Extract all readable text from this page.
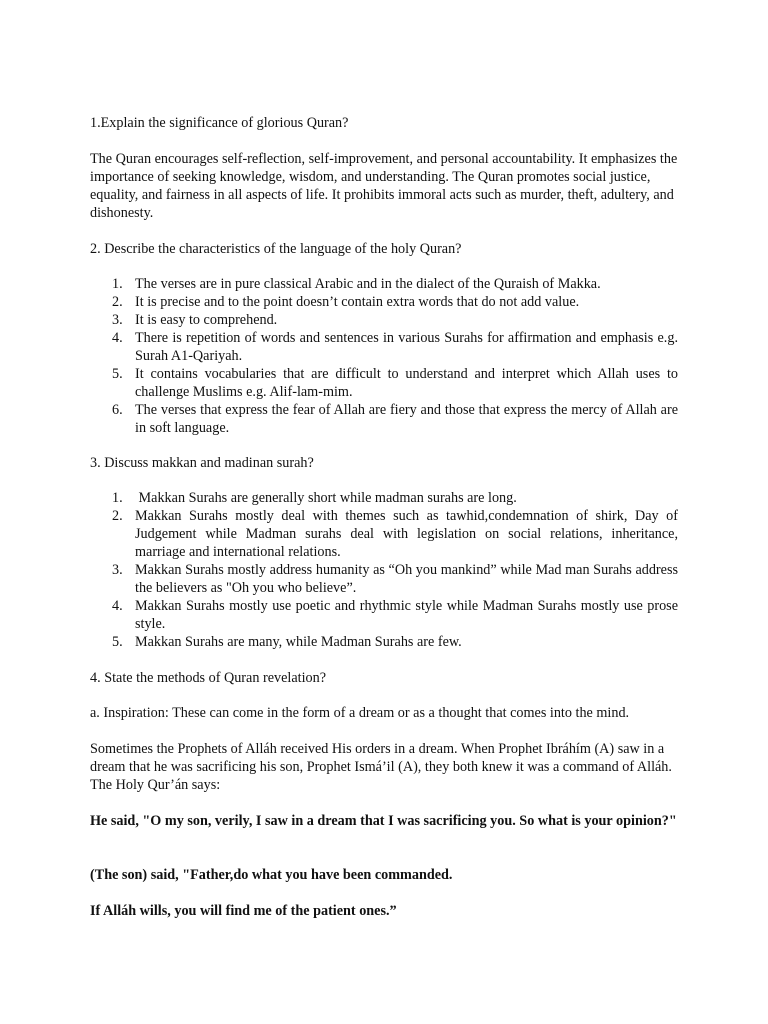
1.Explain the significance of glorious Quran?

The Quran encourages self-reflection, self-improvement, and personal accountability. It emphasizes the importance of seeking knowledge, wisdom, and understanding. The Quran promotes social justice, equality, and fairness in all aspects of life. It prohibits immoral acts such as murder, theft, adultery, and dishonesty.

2. Describe the characteristics of the language of the holy Quran?

1. The verses are in pure classical Arabic and in the dialect of the Quraish of Makka.
2. It is precise and to the point doesn’t contain extra words that do not add value.
3. It is easy to comprehend.
4. There is repetition of words and sentences in various Surahs for affirmation and emphasis e.g. Surah A1-Qariyah.
5. It contains vocabularies that are difficult to understand and interpret which Allah uses to challenge Muslims e.g. Alif-lam-mim.
6. The verses that express the fear of Allah are fiery and those that express the mercy of Allah are in soft language.

3. Discuss makkan and madinan surah?

1. Makkan Surahs are generally short while madman surahs are long.
2. Makkan Surahs mostly deal with themes such as tawhid,condemnation of shirk, Day of Judgement while Madman surahs deal with legislation on social relations, inheritance, marriage and international relations.
3. Makkan Surahs mostly address humanity as “Oh you mankind” while Mad man Surahs address the believers as "Oh you who believe”.
4. Makkan Surahs mostly use poetic and rhythmic style while Madman Surahs mostly use prose style.
5. Makkan Surahs are many, while Madman Surahs are few.

4. State the methods of Quran revelation?

a. Inspiration: These can come in the form of a dream or as a thought that comes into the mind.

Sometimes the Prophets of Alláh received His orders in a dream. When Prophet Ibráhím (A) saw in a dream that he was sacrificing his son, Prophet Ismá’il (A), they both knew it was a command of Alláh. The Holy Qur’án says:

He said, "O my son, verily, I saw in a dream that I was sacrificing you. So what is your opinion?"

(The son) said, "Father,do what you have been commanded.

If Alláh wills, you will find me of the patient ones.”
